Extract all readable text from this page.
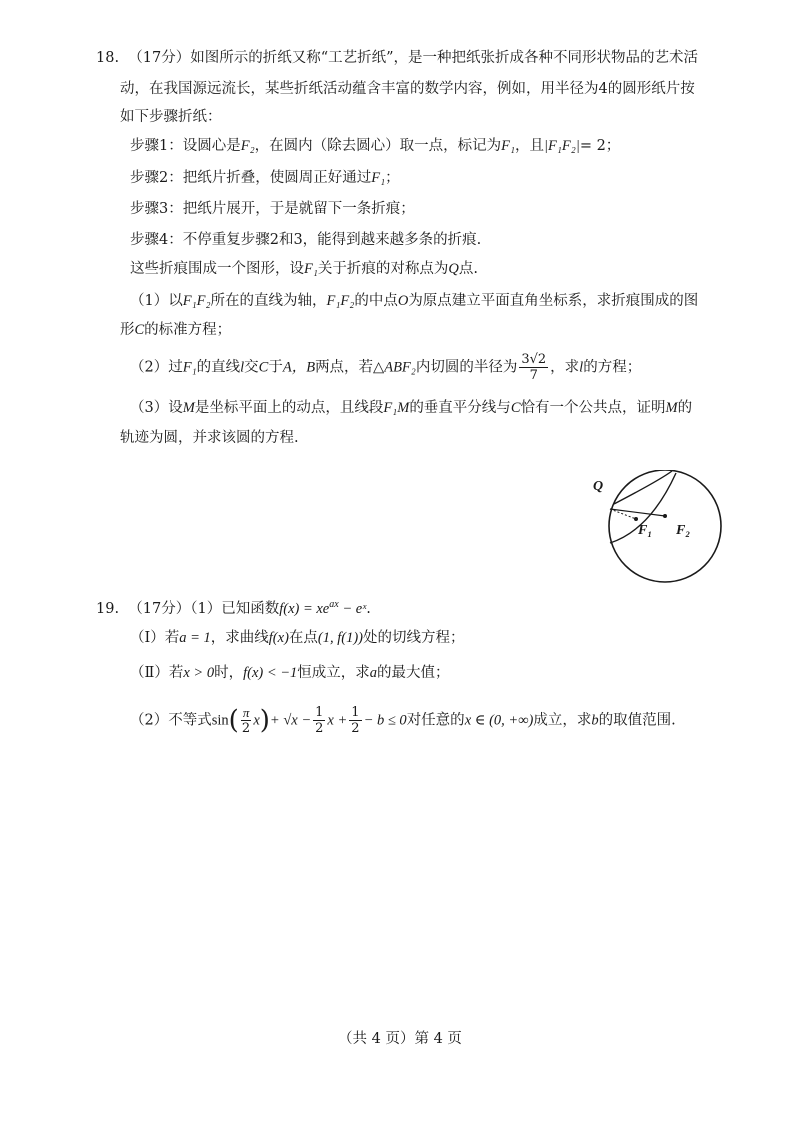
18. （17分）如图所示的折纸又称“工艺折纸”，是一种把纸张折成各种不同形状物品的艺术活
动，在我国源远流长，某些折纸活动蕴含丰富的数学内容，例如，用半径为4的圆形纸片按
如下步骤折纸：
步骤1：设圆心是F₂，在圆内（除去圆心）取一点，标记为F₁，且|F₁F₂|= 2；
步骤2：把纸片折叠，使圆周正好通过F₁；
步骤3：把纸片展开，于是就留下一条折痕；
步骤4：不停重复步骤2和3，能得到越来越多条的折痕.
这些折痕围成一个图形，设F₁关于折痕的对称点为Q点.
（1）以F₁F₂所在的直线为轴，F₁F₂的中点O为原点建立平面直角坐标系，求折痕围成的图
形C的标准方程；
（2）过F₁的直线l交C于A，B两点，若△ABF₂内切圆的半径为 $\frac{3√2}{7}$ ，求l的方程；
（3）设M是坐标平面上的动点，且线段F₁M的垂直平分线与C恰有一个公共点，证明M的
轨迹为圆，并求该圆的方程.
Q
F₁ F₂
19. （17分）（1）已知函数$f(x) = xe^{ax}$ − eˣ.
（Ⅰ）若a = 1，求曲线f(x)在点(1, f(1))处的切线方程；
（Ⅱ）若x > 0时，f(x) < −1恒成立，求a的最大值；
（2）不等式$\sin( \frac{\pi}{2} x)+ √x - \frac{1}{2}$ $x + \frac{1}{2} - b \le 0$对任意的x ∈ (0, +∞)成立，求b的取值范围.
（共 4 页）第 4 页
